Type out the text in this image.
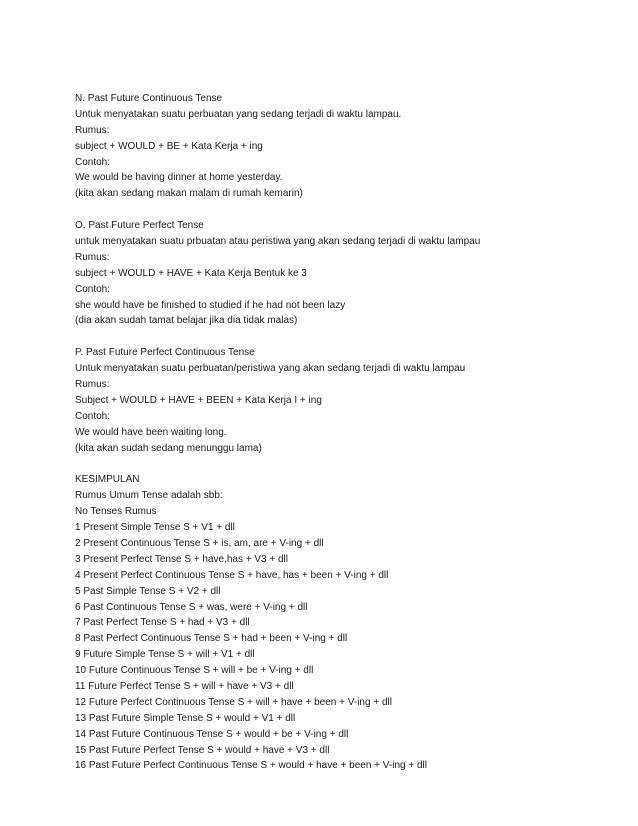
N. Past Future Continuous Tense
Untuk menyatakan suatu perbuatan yang sedang terjadi di waktu lampau.
Rumus:
subject + WOULD + BE + Kata Kerja + ing
Contoh:
We would be having dinner at home yesterday.
(kita akan sedang makan malam di rumah kemarin)
O. Past Future Perfect Tense
untuk menyatakan suatu prbuatan atau peristiwa yang akan sedang terjadi di waktu lampau
Rumus:
subject + WOULD + HAVE + Kata Kerja Bentuk ke 3
Contoh:
she would have be finished to studied if he had not been lazy
(dia akan sudah tamat belajar jika dia tidak malas)
P. Past Future Perfect Continuous Tense
Untuk menyatakan suatu perbuatan/peristiwa yang akan sedang terjadi di waktu lampau
Rumus:
Subject + WOULD + HAVE + BEEN + Kata Kerja I + ing
Contoh:
We would have been waiting long.
(kita akan sudah sedang menunggu lama)
KESIMPULAN
Rumus Umum Tense adalah sbb:
No Tenses Rumus
1 Present Simple Tense S + V1 + dll
2 Present Continuous Tense S + is, am, are + V-ing + dll
3 Present Perfect Tense S + have,has + V3 + dll
4 Present Perfect Continuous Tense S + have, has + been + V-ing + dll
5 Past Simple Tense S + V2 + dll
6 Past Continuous Tense S + was, were + V-ing + dll
7 Past Perfect Tense S + had + V3 + dll
8 Past Perfect Continuous Tense S + had + been + V-ing + dll
9 Future Simple Tense S + will + V1 + dll
10 Future Continuous Tense S + will + be + V-ing + dll
11 Future Perfect Tense S + will + have + V3 + dll
12 Future Perfect Continuous Tense S + will + have + been + V-ing + dll
13 Past Future Simple Tense S + would + V1 + dll
14 Past Future Continuous Tense S + would + be + V-ing + dll
15 Past Future Perfect Tense S + would + have + V3 + dll
16 Past Future Perfect Continuous Tense S + would + have + been + V-ing + dll
